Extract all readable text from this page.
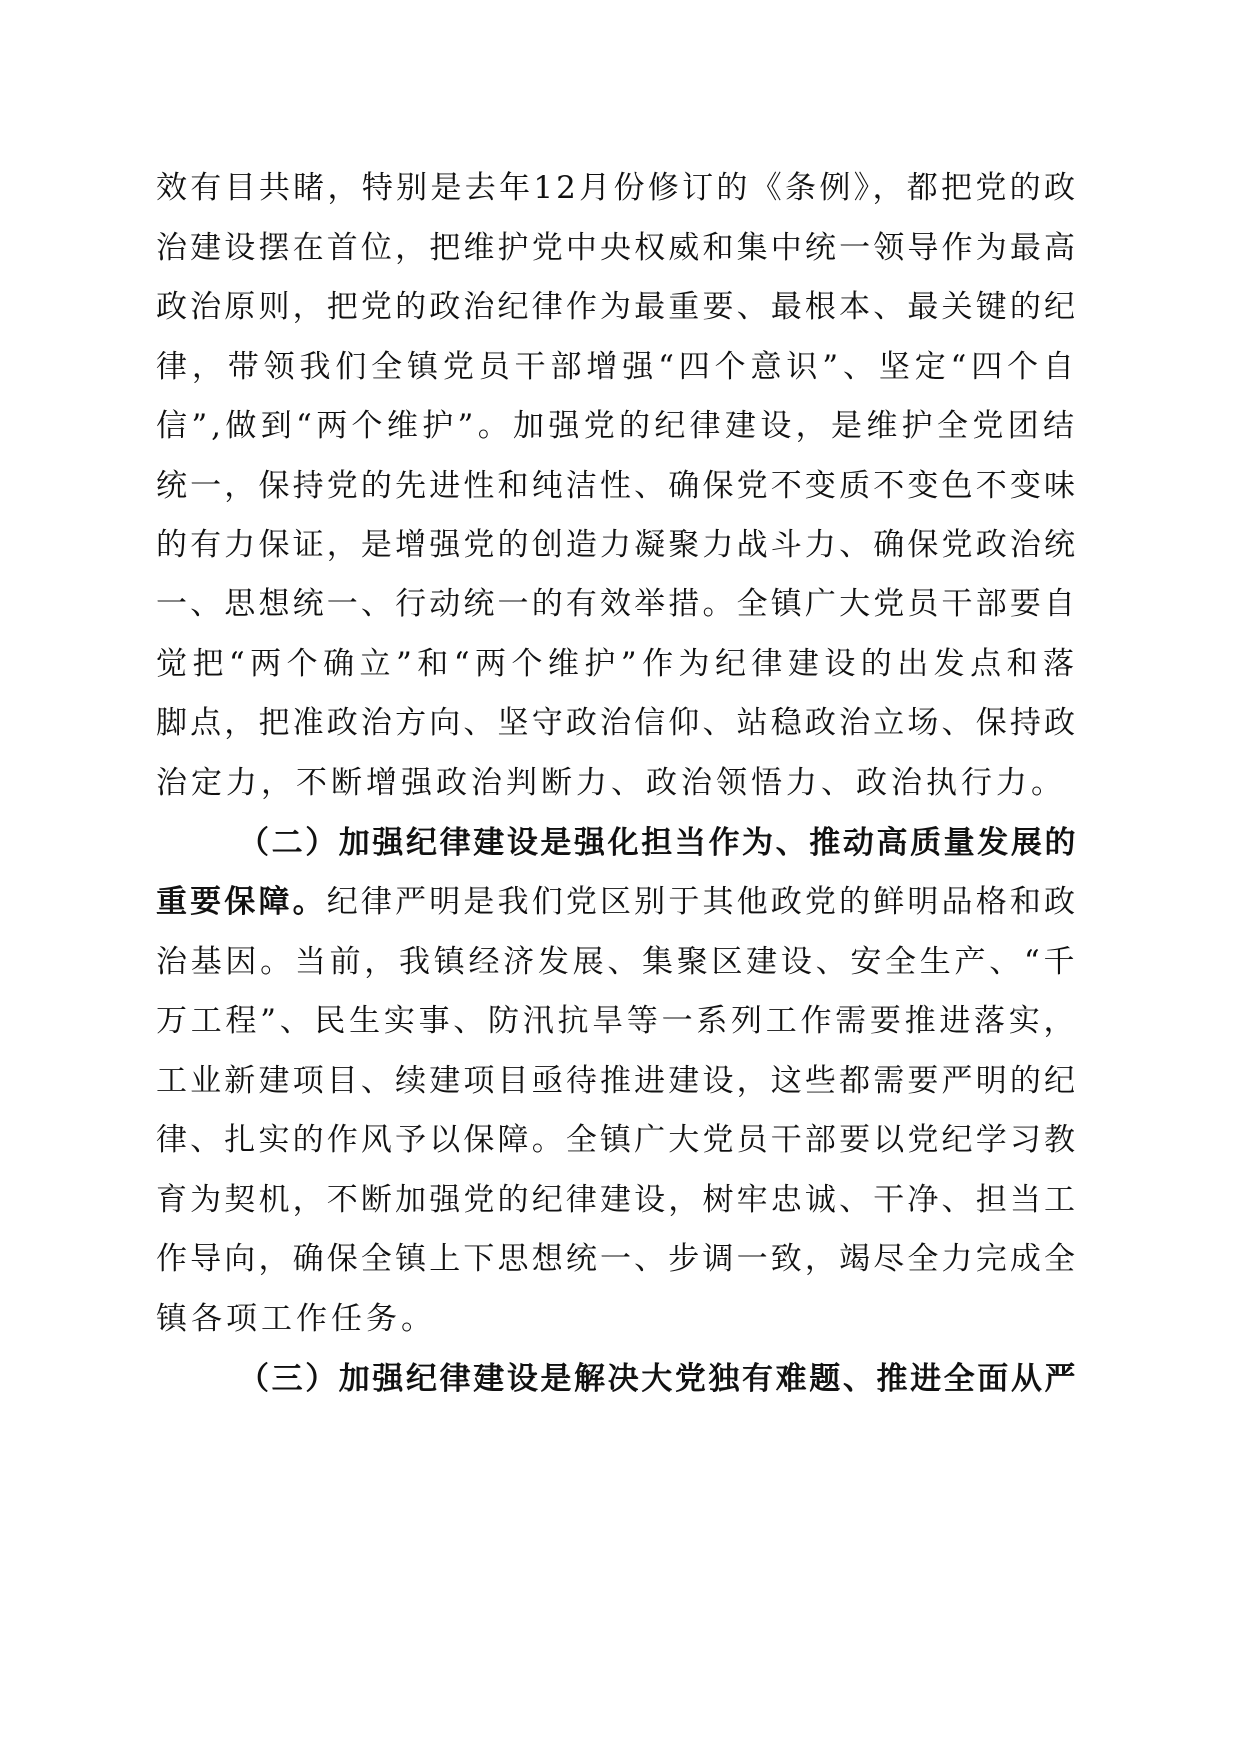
效有目共睹，特别是去年12月份修订的《条例》，都把党的政
治建设摆在首位，把维护党中央权威和集中统一领导作为最高
政治原则，把党的政治纪律作为最重要、最根本、最关键的纪
律，带领我们全镇党员干部增强“四个意识”、坚定“四个自
信”,做到“两个维护”。加强党的纪律建设，是维护全党团结
统一，保持党的先进性和纯洁性、确保党不变质不变色不变味
的有力保证，是增强党的创造力凝聚力战斗力、确保党政治统
一、思想统一、行动统一的有效举措。全镇广大党员干部要自
觉把“两个确立”和“两个维护”作为纪律建设的出发点和落
脚点，把准政治方向、坚守政治信仰、站稳政治立场、保持政
治定力，不断增强政治判断力、政治领悟力、政治执行力。
（二）加强纪律建设是强化担当作为、推动高质量发展的
重要保障。纪律严明是我们党区别于其他政党的鲜明品格和政
治基因。当前，我镇经济发展、集聚区建设、安全生产、“千
万工程”、民生实事、防汛抗旱等一系列工作需要推进落实，
工业新建项目、续建项目亟待推进建设，这些都需要严明的纪
律、扎实的作风予以保障。全镇广大党员干部要以党纪学习教
育为契机，不断加强党的纪律建设，树牢忠诚、干净、担当工
作导向，确保全镇上下思想统一、步调一致，竭尽全力完成全
镇各项工作任务。
（三）加强纪律建设是解决大党独有难题、推进全面从严
